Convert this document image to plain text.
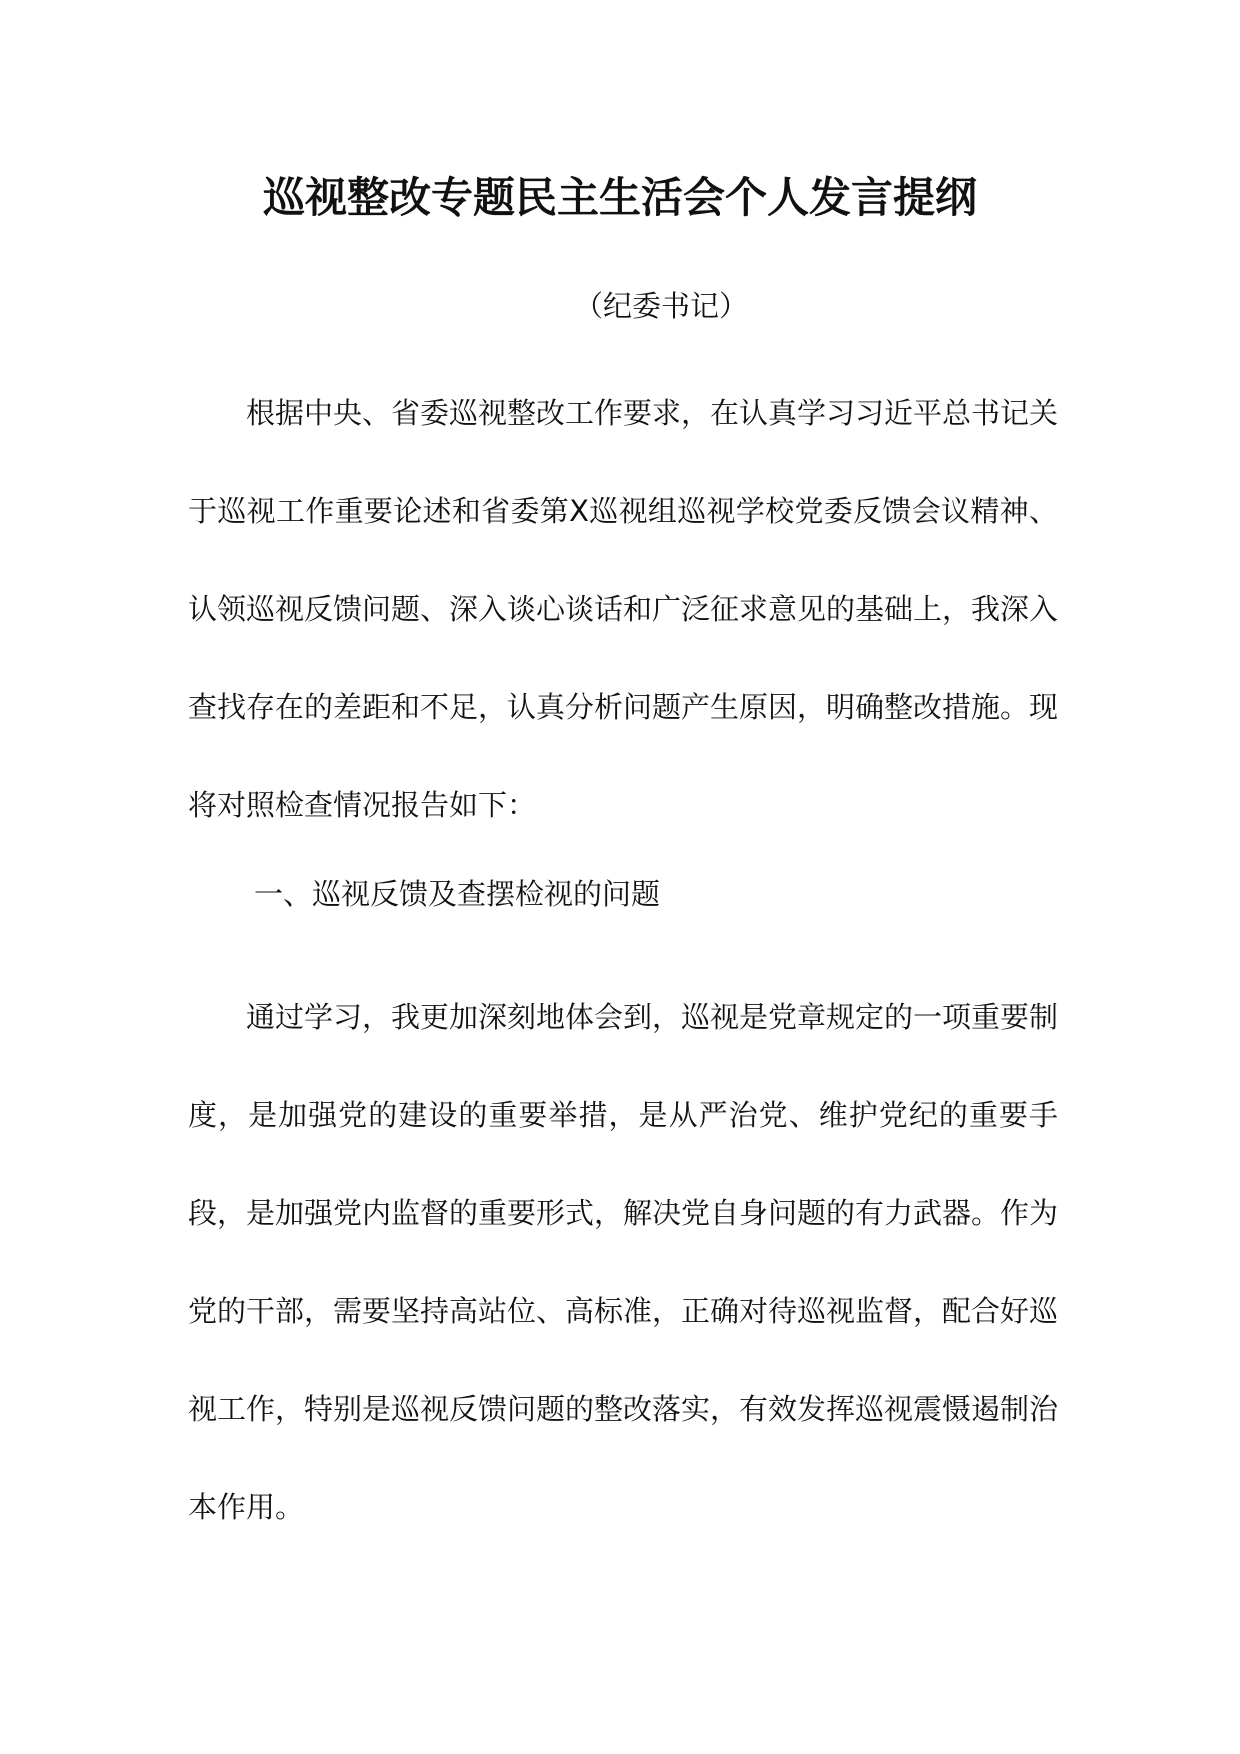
巡视整改专题民主生活会个人发言提纲
（纪委书记）

根据中央、省委巡视整改工作要求，在认真学习习近平总书记关于巡视工作重要论述和省委第X巡视组巡视学校党委反馈会议精神、认领巡视反馈问题、深入谈心谈话和广泛征求意见的基础上，我深入查找存在的差距和不足，认真分析问题产生原因，明确整改措施。现将对照检查情况报告如下：

一、巡视反馈及查摆检视的问题

通过学习，我更加深刻地体会到，巡视是党章规定的一项重要制度，是加强党的建设的重要举措，是从严治党、维护党纪的重要手段，是加强党内监督的重要形式，解决党自身问题的有力武器。作为党的干部，需要坚持高站位、高标准，正确对待巡视监督，配合好巡视工作，特别是巡视反馈问题的整改落实，有效发挥巡视震慑遏制治本作用。
